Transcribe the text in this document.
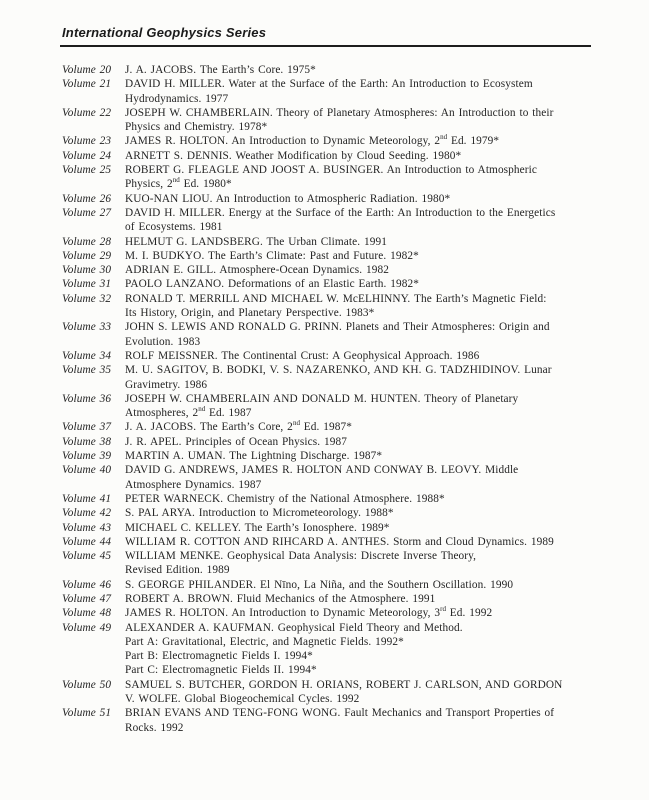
International Geophysics Series
Volume 20	J. A. JACOBS. The Earth’s Core. 1975*
Volume 21	DAVID H. MILLER. Water at the Surface of the Earth: An Introduction to Ecosystem
Hydrodynamics. 1977
Volume 22	JOSEPH W. CHAMBERLAIN. Theory of Planetary Atmospheres: An Introduction to their
Physics and Chemistry. 1978*
Volume 23	JAMES R. HOLTON. An Introduction to Dynamic Meteorology, 2nd Ed. 1979*
Volume 24	ARNETT S. DENNIS. Weather Modification by Cloud Seeding. 1980*
Volume 25	ROBERT G. FLEAGLE AND JOOST A. BUSINGER. An Introduction to Atmospheric
Physics, 2nd Ed. 1980*
Volume 26	KUO-NAN LIOU. An Introduction to Atmospheric Radiation. 1980*
Volume 27	DAVID H. MILLER. Energy at the Surface of the Earth: An Introduction to the Energetics
of Ecosystems. 1981
Volume 28	HELMUT G. LANDSBERG. The Urban Climate. 1991
Volume 29	M. I. BUDKYO. The Earth’s Climate: Past and Future. 1982*
Volume 30	ADRIAN E. GILL. Atmosphere-Ocean Dynamics. 1982
Volume 31	PAOLO LANZANO. Deformations of an Elastic Earth. 1982*
Volume 32	RONALD T. MERRILL AND MICHAEL W. McELHINNY. The Earth’s Magnetic Field:
Its History, Origin, and Planetary Perspective. 1983*
Volume 33	JOHN S. LEWIS AND RONALD G. PRINN. Planets and Their Atmospheres: Origin and
Evolution. 1983
Volume 34	ROLF MEISSNER. The Continental Crust: A Geophysical Approach. 1986
Volume 35	M. U. SAGITOV, B. BODKI, V. S. NAZARENKO, AND KH. G. TADZHIDINOV. Lunar
Gravimetry. 1986
Volume 36	JOSEPH W. CHAMBERLAIN AND DONALD M. HUNTEN. Theory of Planetary
Atmospheres, 2nd Ed. 1987
Volume 37	J. A. JACOBS. The Earth’s Core, 2nd Ed. 1987*
Volume 38	J. R. APEL. Principles of Ocean Physics. 1987
Volume 39	MARTIN A. UMAN. The Lightning Discharge. 1987*
Volume 40	DAVID G. ANDREWS, JAMES R. HOLTON AND CONWAY B. LEOVY. Middle
Atmosphere Dynamics. 1987
Volume 41	PETER WARNECK. Chemistry of the National Atmosphere. 1988*
Volume 42	S. PAL ARYA. Introduction to Micrometeorology. 1988*
Volume 43	MICHAEL C. KELLEY. The Earth’s Ionosphere. 1989*
Volume 44	WILLIAM R. COTTON AND RIHCARD A. ANTHES. Storm and Cloud Dynamics. 1989
Volume 45	WILLIAM MENKE. Geophysical Data Analysis: Discrete Inverse Theory,
Revised Edition. 1989
Volume 46	S. GEORGE PHILANDER. El Nīno, La Niña, and the Southern Oscillation. 1990
Volume 47	ROBERT A. BROWN. Fluid Mechanics of the Atmosphere. 1991
Volume 48	JAMES R. HOLTON. An Introduction to Dynamic Meteorology, 3rd Ed. 1992
Volume 49	ALEXANDER A. KAUFMAN. Geophysical Field Theory and Method.
Part A: Gravitational, Electric, and Magnetic Fields. 1992*
Part B: Electromagnetic Fields I. 1994*
Part C: Electromagnetic Fields II. 1994*
Volume 50	SAMUEL S. BUTCHER, GORDON H. ORIANS, ROBERT J. CARLSON, AND GORDON
V. WOLFE. Global Biogeochemical Cycles. 1992
Volume 51	BRIAN EVANS AND TENG-FONG WONG. Fault Mechanics and Transport Properties of
Rocks. 1992
